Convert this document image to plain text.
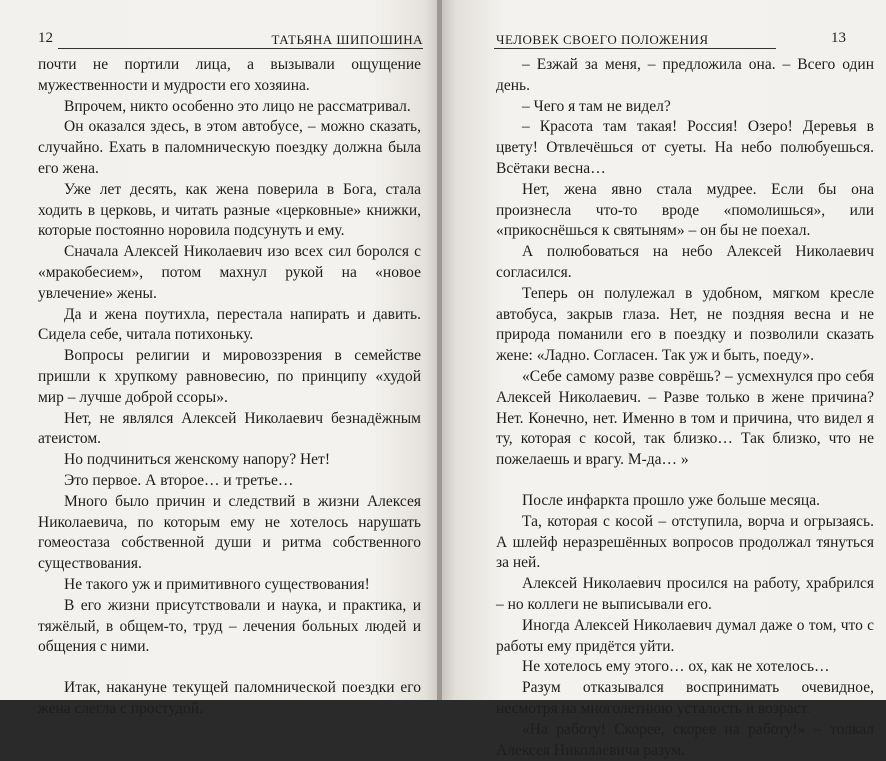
12	ТАТЬЯНА ШИПОШИНА

почти не портили лица, а вызывали ощущение мужественности и мудрости его хозяина.

Впрочем, никто особенно это лицо не рассматривал.

Он оказался здесь, в этом автобусе, – можно сказать, случайно. Ехать в паломническую поездку должна была его жена.

Уже лет десять, как жена поверила в Бога, стала ходить в церковь, и читать разные «церковные» книжки, которые постоянно норовила подсунуть и ему.

Сначала Алексей Николаевич изо всех сил боролся с «мракобесием», потом махнул рукой на «новое увлечение» жены.

Да и жена поутихла, перестала напирать и давить. Сидела себе, читала потихоньку.

Вопросы религии и мировоззрения в семействе пришли к хрупкому равновесию, по принципу «худой мир – лучше доброй ссоры».

Нет, не являлся Алексей Николаевич безнадёжным атеистом.

Но подчиниться женскому напору? Нет!

Это первое. А второе… и третье…

Много было причин и следствий в жизни Алексея Николаевича, по которым ему не хотелось нарушать гомеостаза собственной души и ритма собственного существования.

Не такого уж и примитивного существования!

В его жизни присутствовали и наука, и практика, и тяжёлый, в общем-то, труд – лечения больных людей и общения с ними.

Итак, накануне текущей паломнической поездки его жена слегла с простудой.

ЧЕЛОВЕК СВОЕГО ПОЛОЖЕНИЯ	13

– Езжай за меня, – предложила она. – Всего один день.

– Чего я там не видел?

– Красота там такая! Россия! Озеро! Деревья в цвету! Отвлечёшься от суеты. На небо полюбуешься. Всётаки весна…

Нет, жена явно стала мудрее. Если бы она произнесла что-то вроде «помолишься», или «прикоснёшься к святыням» – он бы не поехал.

А полюбоваться на небо Алексей Николаевич согласился.

Теперь он полулежал в удобном, мягком кресле автобуса, закрыв глаза. Нет, не поздняя весна и не природа поманили его в поездку и позволили сказать жене: «Ладно. Согласен. Так уж и быть, поеду».

«Себе самому разве соврёшь? – усмехнулся про себя Алексей Николаевич. – Разве только в жене причина? Нет. Конечно, нет. Именно в том и причина, что видел я ту, которая с косой, так близко… Так близко, что не пожелаешь и врагу. М-да… »

После инфаркта прошло уже больше месяца.

Та, которая с косой – отступила, ворча и огрызаясь. А шлейф неразрешённых вопросов продолжал тянуться за ней.

Алексей Николаевич просился на работу, храбрился – но коллеги не выписывали его.

Иногда Алексей Николаевич думал даже о том, что с работы ему придётся уйти.

Не хотелось ему этого… ох, как не хотелось…

Разум отказывался воспринимать очевидное, несмотря на многолетнюю усталость и возраст.

«На работу! Скорее, скорее на работу!» – толкал Алексея Николаевича разум.
